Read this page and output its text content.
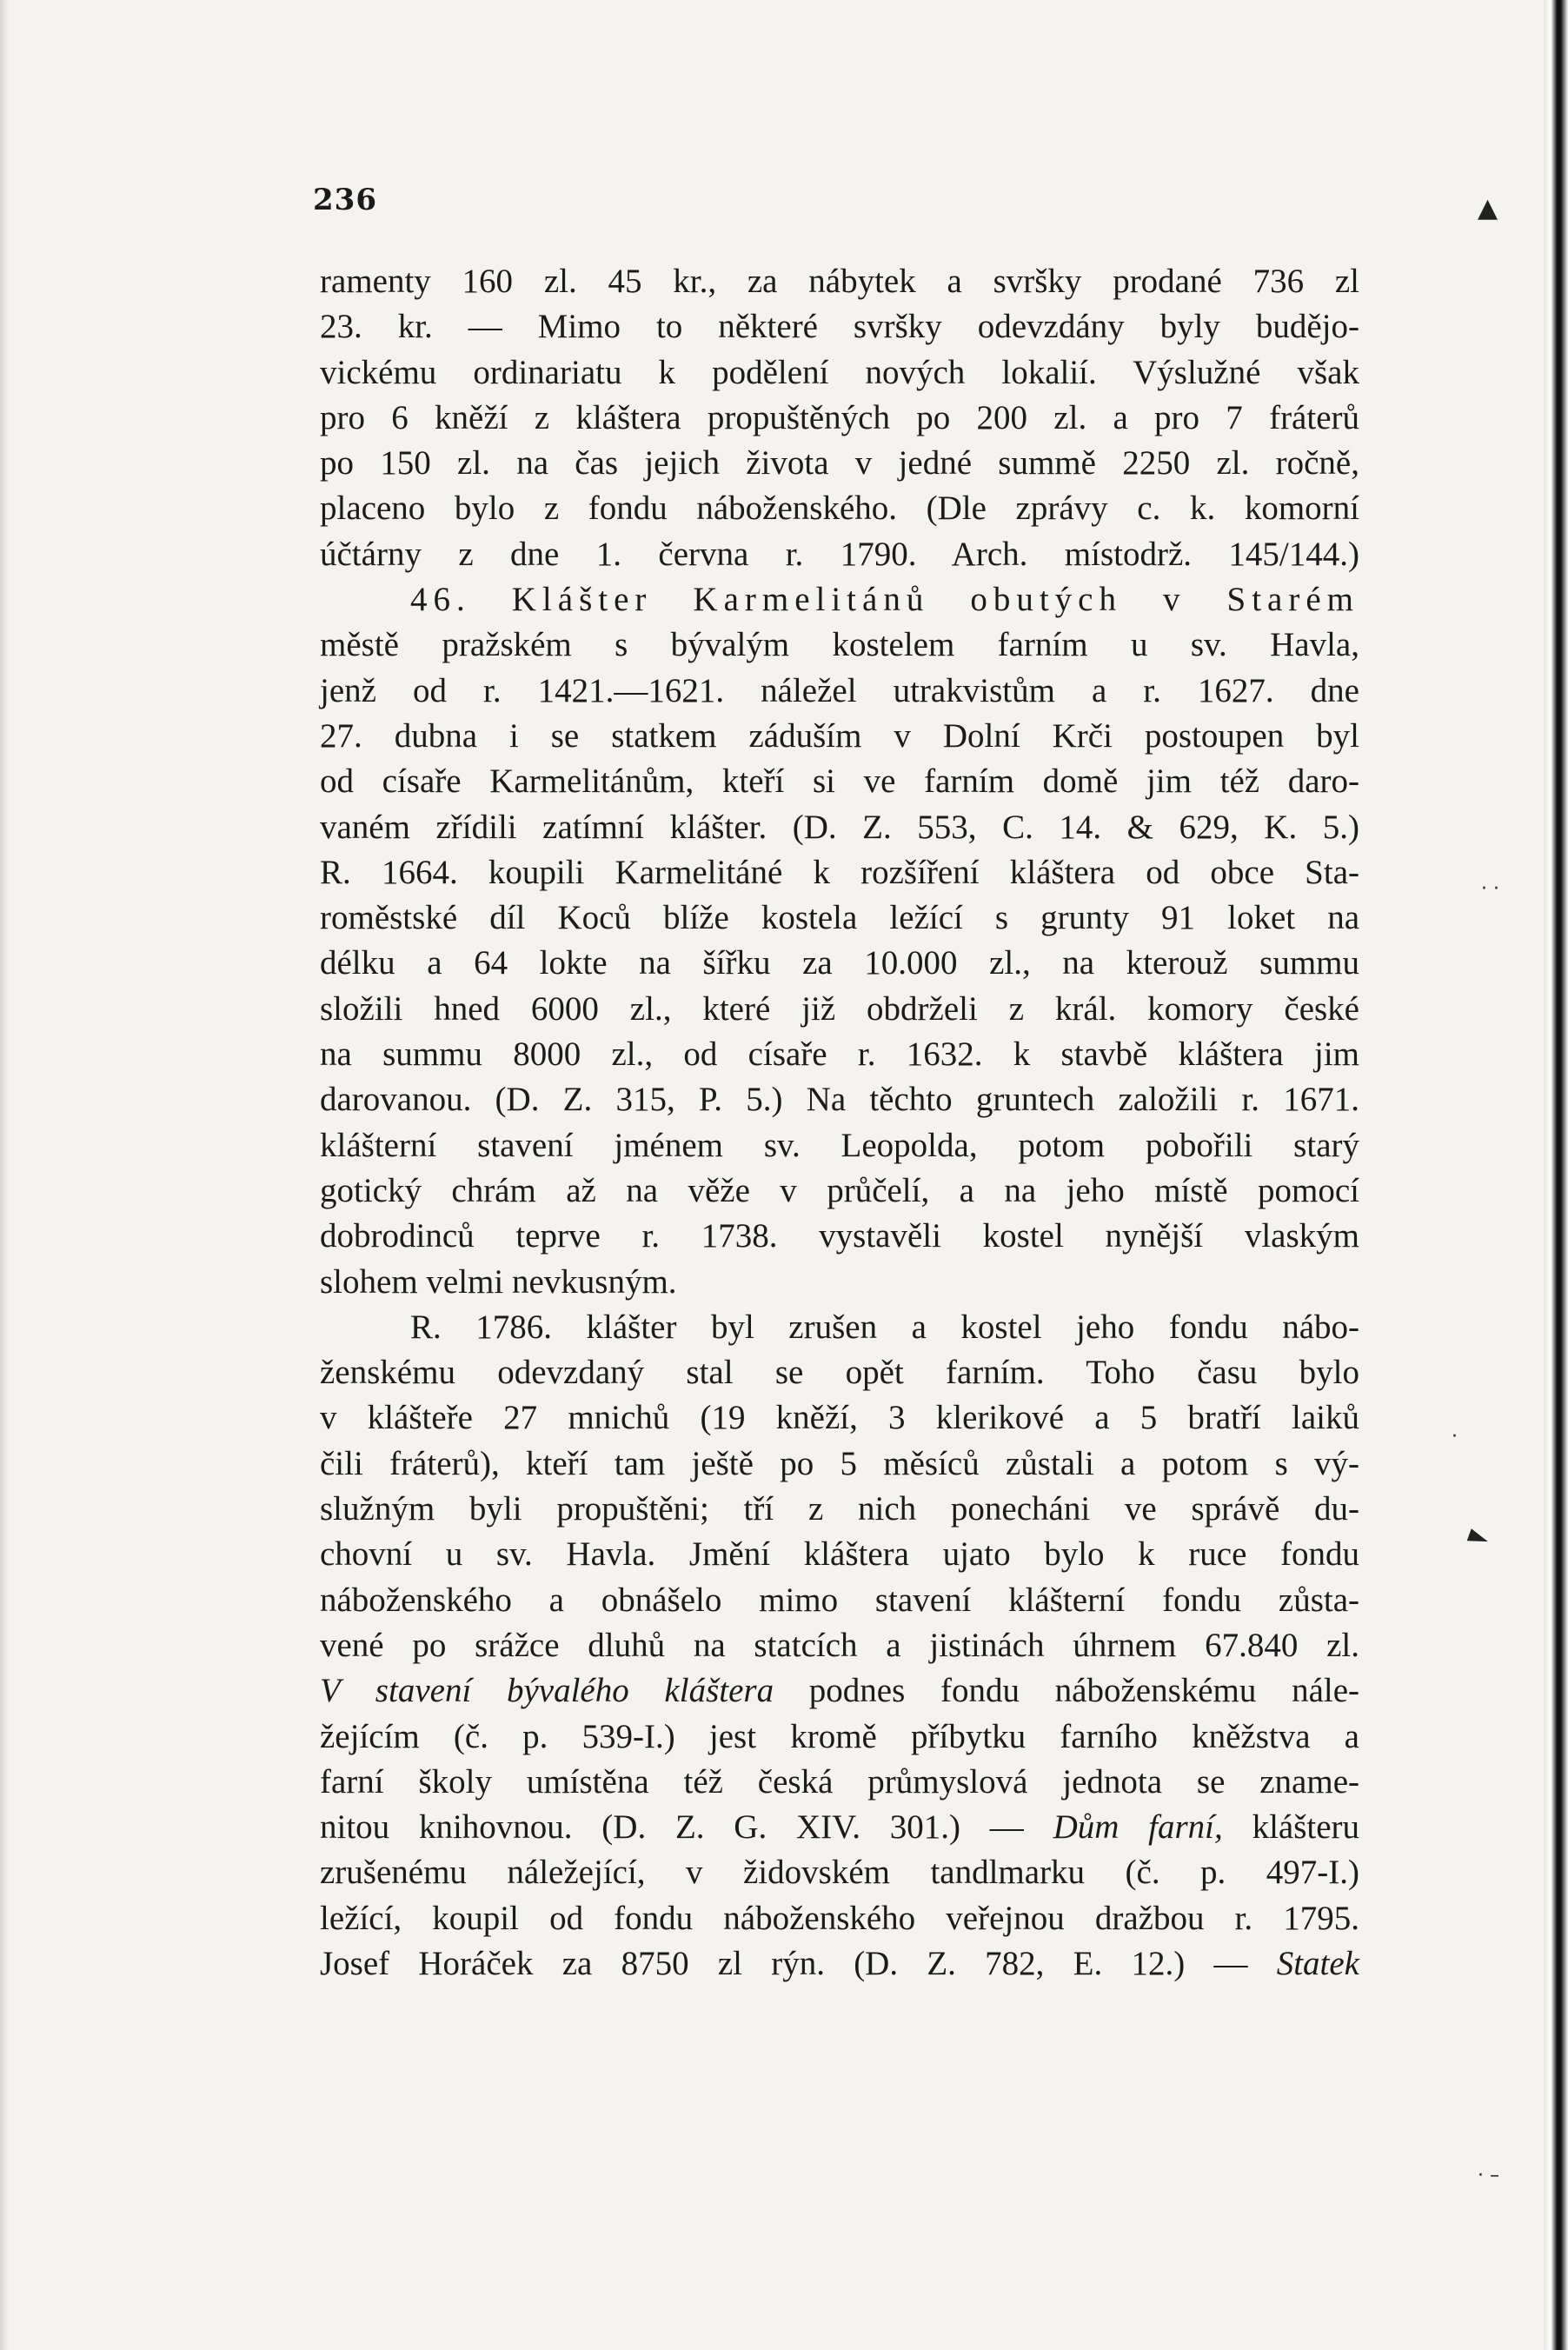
236
ramenty 160 zl. 45 kr., za nábytek a svršky prodané 736 zl
23. kr. — Mimo to některé svršky odevzdány byly budějo-
vickému ordinariatu k podělení nových lokalií. Výslužné však
pro 6 kněží z kláštera propuštěných po 200 zl. a pro 7 fráterů
po 150 zl. na čas jejich života v jedné summě 2250 zl. ročně,
placeno bylo z fondu náboženského. (Dle zprávy c. k. komorní
účtárny z dne 1. června r. 1790. Arch. místodrž. 145/144.)
46. Klášter Karmelitánů obutých v Starém
městě pražském s bývalým kostelem farním u sv. Havla,
jenž od r. 1421.—1621. náležel utrakvistům a r. 1627. dne
27. dubna i se statkem záduším v Dolní Krči postoupen byl
od císaře Karmelitánům, kteří si ve farním domě jim též daro-
vaném zřídili zatímní klášter. (D. Z. 553, C. 14. & 629, K. 5.)
R. 1664. koupili Karmelitáné k rozšíření kláštera od obce Sta-
roměstské díl Koců blíže kostela ležící s grunty 91 loket na
délku a 64 lokte na šířku za 10.000 zl., na kterouž summu
složili hned 6000 zl., které již obdrželi z král. komory české
na summu 8000 zl., od císaře r. 1632. k stavbě kláštera jim
darovanou. (D. Z. 315, P. 5.) Na těchto gruntech založili r. 1671.
klášterní stavení jménem sv. Leopolda, potom pobořili starý
gotický chrám až na věže v průčelí, a na jeho místě pomocí
dobrodinců teprve r. 1738. vystavěli kostel nynější vlaským
slohem velmi nevkusným.
R. 1786. klášter byl zrušen a kostel jeho fondu nábo-
ženskému odevzdaný stal se opět farním. Toho času bylo
v klášteře 27 mnichů (19 kněží, 3 klerikové a 5 bratří laiků
čili fráterů), kteří tam ještě po 5 měsíců zůstali a potom s vý-
služným byli propuštěni; tří z nich ponecháni ve správě du-
chovní u sv. Havla. Jmění kláštera ujato bylo k ruce fondu
náboženského a obnášelo mimo stavení klášterní fondu zůsta-
vené po srážce dluhů na statcích a jistinách úhrnem 67.840 zl.
V stavení bývalého kláštera podnes fondu náboženskému nále-
žejícím (č. p. 539-I.) jest kromě příbytku farního kněžstva a
farní školy umístěna též česká průmyslová jednota se zname-
nitou knihovnou. (D. Z. G. XIV. 301.) — Dům farní, klášteru
zrušenému náležející, v židovském tandlmarku (č. p. 497-I.)
ležící, koupil od fondu náboženského veřejnou dražbou r. 1795.
Josef Horáček za 8750 zl rýn. (D. Z. 782, E. 12.) — Statek
▲
►
· ·
·
· –
